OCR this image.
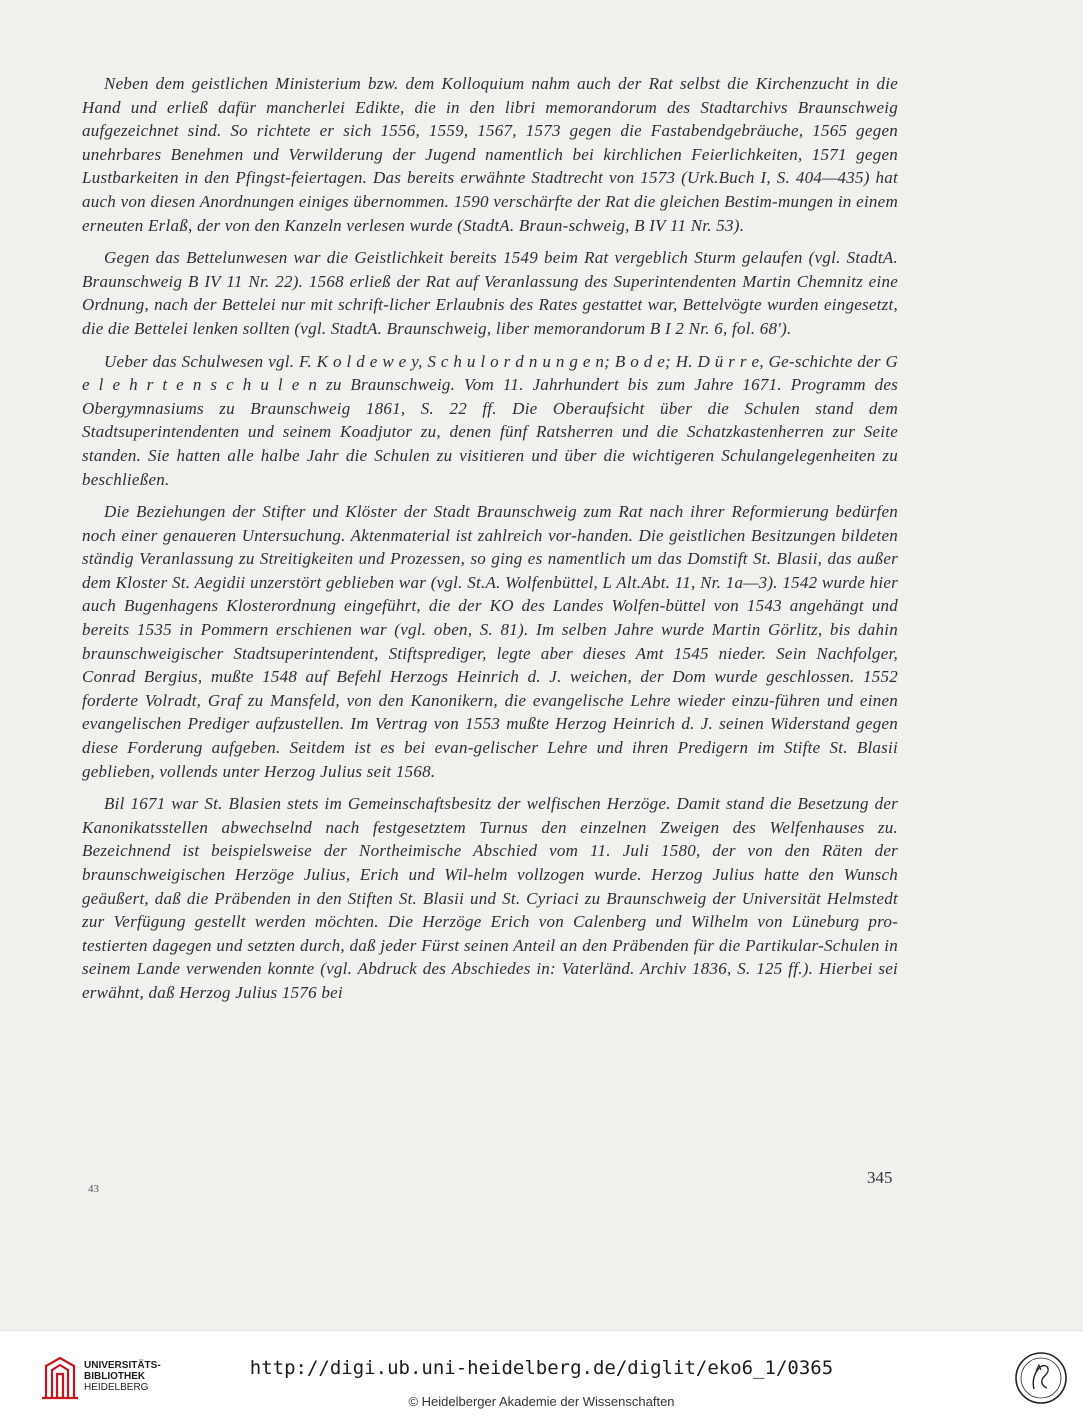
Neben dem geistlichen Ministerium bzw. dem Kolloquium nahm auch der Rat selbst die Kirchenzucht in die Hand und erließ dafür mancherlei Edikte, die in den libri memorandorum des Stadtarchivs Braunschweig aufgezeichnet sind. So richtete er sich 1556, 1559, 1567, 1573 gegen die Fastabendgebräuche, 1565 gegen unehrbares Benehmen und Verwilderung der Jugend namentlich bei kirchlichen Feierlichkeiten, 1571 gegen Lustbarkeiten in den Pfingst-feiertagen. Das bereits erwähnte Stadtrecht von 1573 (Urk.Buch I, S. 404—435) hat auch von diesen Anordnungen einiges übernommen. 1590 verschärfte der Rat die gleichen Bestim-mungen in einem erneuten Erlaß, der von den Kanzeln verlesen wurde (StadtA. Braun-schweig, B IV 11 Nr. 53).

Gegen das Bettelunwesen war die Geistlichkeit bereits 1549 beim Rat vergeblich Sturm gelaufen (vgl. StadtA. Braunschweig B IV 11 Nr. 22). 1568 erließ der Rat auf Veranlassung des Superintendenten Martin Chemnitz eine Ordnung, nach der Bettelei nur mit schrift-licher Erlaubnis des Rates gestattet war, Bettelvögte wurden eingesetzt, die die Bettelei lenken sollten (vgl. StadtA. Braunschweig, liber memorandorum B I 2 Nr. 6, fol. 68').

Ueber das Schulwesen vgl. F. K o l d e w e y, S c h u l o r d n u n g e n; B o d e; H. D ü r r e, Ge-schichte der G e l e h r t e n s c h u l e n zu Braunschweig. Vom 11. Jahrhundert bis zum Jahre 1671. Programm des Obergymnasiums zu Braunschweig 1861, S. 22 ff. Die Oberaufsicht über die Schulen stand dem Stadtsuperintendenten und seinem Koadjutor zu, denen fünf Ratsherren und die Schatzkastenherren zur Seite standen. Sie hatten alle halbe Jahr die Schulen zu visitieren und über die wichtigeren Schulangelegenheiten zu beschließen.

Die Beziehungen der Stifter und Klöster der Stadt Braunschweig zum Rat nach ihrer Reformierung bedürfen noch einer genaueren Untersuchung. Aktenmaterial ist zahlreich vor-handen. Die geistlichen Besitzungen bildeten ständig Veranlassung zu Streitigkeiten und Prozessen, so ging es namentlich um das Domstift St. Blasii, das außer dem Kloster St. Aegidii unzerstört geblieben war (vgl. St.A. Wolfenbüttel, L Alt.Abt. 11, Nr. 1a—3). 1542 wurde hier auch Bugenhagens Klosterordnung eingeführt, die der KO des Landes Wolfen-büttel von 1543 angehängt und bereits 1535 in Pommern erschienen war (vgl. oben, S. 81). Im selben Jahre wurde Martin Görlitz, bis dahin braunschweigischer Stadtsuperintendent, Stiftsprediger, legte aber dieses Amt 1545 nieder. Sein Nachfolger, Conrad Bergius, mußte 1548 auf Befehl Herzogs Heinrich d. J. weichen, der Dom wurde geschlossen. 1552 forderte Volradt, Graf zu Mansfeld, von den Kanonikern, die evangelische Lehre wieder einzu-führen und einen evangelischen Prediger aufzustellen. Im Vertrag von 1553 mußte Herzog Heinrich d. J. seinen Widerstand gegen diese Forderung aufgeben. Seitdem ist es bei evan-gelischer Lehre und ihren Predigern im Stifte St. Blasii geblieben, vollends unter Herzog Julius seit 1568.

Bil 1671 war St. Blasien stets im Gemeinschaftsbesitz der welfischen Herzöge. Damit stand die Besetzung der Kanonikatsstellen abwechselnd nach festgesetztem Turnus den einzelnen Zweigen des Welfenhauses zu. Bezeichnend ist beispielsweise der Northeimische Abschied vom 11. Juli 1580, der von den Räten der braunschweigischen Herzöge Julius, Erich und Wil-helm vollzogen wurde. Herzog Julius hatte den Wunsch geäußert, daß die Präbenden in den Stiften St. Blasii und St. Cyriaci zu Braunschweig der Universität Helmstedt zur Verfügung gestellt werden möchten. Die Herzöge Erich von Calenberg und Wilhelm von Lüneburg pro-testierten dagegen und setzten durch, daß jeder Fürst seinen Anteil an den Präbenden für die Partikular-Schulen in seinem Lande verwenden konnte (vgl. Abdruck des Abschiedes in: Vaterländ. Archiv 1836, S. 125 ff.). Hierbei sei erwähnt, daß Herzog Julius 1576 bei

43
345
UNIVERSITÄTS-
BIBLIOTHEK
HEIDELBERG
http://digi.ub.uni-heidelberg.de/diglit/eko6_1/0365
© Heidelberger Akademie der Wissenschaften
